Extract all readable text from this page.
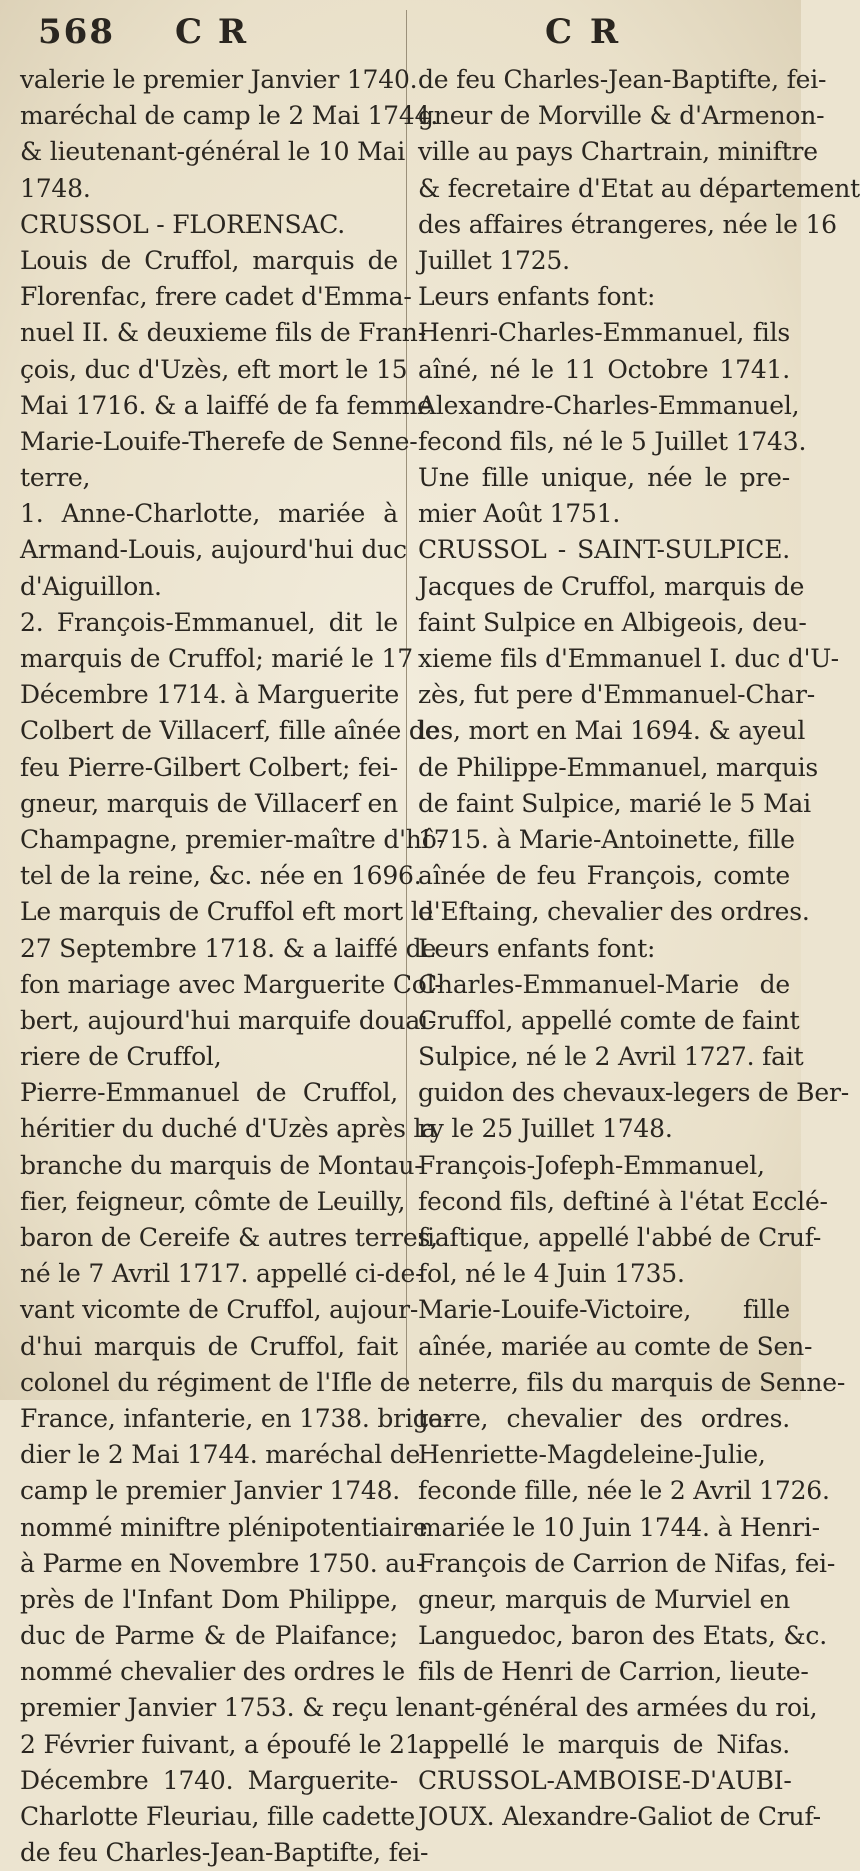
568 C R	C R
valerie le premier Janvier 1740.
maréchal de camp le 2 Mai 1744.
& lieutenant-général le 10 Mai
1748.
CRUSSOL - FLORENSAC.
Louis de Cruffol, marquis de
Florenfac, frere cadet d'Emma-
nuel II. & deuxieme fils de Fran-
çois, duc d'Uzès, eft mort le 15
Mai 1716. & a laiffé de fa femme
Marie-Louife-Therefe de Senne-
terre,
1. Anne-Charlotte, mariée à
Armand-Louis, aujourd'hui duc
d'Aiguillon.
2. François-Emmanuel, dit le
marquis de Cruffol; marié le 17
Décembre 1714. à Marguerite
Colbert de Villacerf, fille aînée de
feu Pierre-Gilbert Colbert; fei-
gneur, marquis de Villacerf en
Champagne, premier-maître d'hô-
tel de la reine, &c. née en 1696.
Le marquis de Cruffol eft mort le
27 Septembre 1718. & a laiffé de
fon mariage avec Marguerite Col-
bert, aujourd'hui marquife douai-
riere de Cruffol,
Pierre-Emmanuel de Cruffol,
héritier du duché d'Uzès après la
branche du marquis de Montau-
fier, feigneur, cômte de Leuilly,
baron de Cereife & autres terres,
né le 7 Avril 1717. appellé ci-de-
vant vicomte de Cruffol, aujour-
d'hui marquis de Cruffol, fait
colonel du régiment de l'Ifle de
France, infanterie, en 1738. briga-
dier le 2 Mai 1744. maréchal de
camp le premier Janvier 1748.
nommé miniftre plénipotentiaire
à Parme en Novembre 1750. au-
près de l'Infant Dom Philippe,
duc de Parme & de Plaifance;
nommé chevalier des ordres le
premier Janvier 1753. & reçu le
2 Février fuivant, a époufé le 21
Décembre 1740. Marguerite-
Charlotte Fleuriau, fille cadette
de feu Charles-Jean-Baptifte, fei-
de feu Charles-Jean-Baptifte, fei-
gneur de Morville & d'Armenon-
ville au pays Chartrain, miniftre
& fecretaire d'Etat au département
des affaires étrangeres, née le 16
Juillet 1725.
Leurs enfants font:
Henri-Charles-Emmanuel, fils
aîné, né le 11 Octobre 1741.
Alexandre-Charles-Emmanuel,
fecond fils, né le 5 Juillet 1743.
Une fille unique, née le pre-
mier Août 1751.
CRUSSOL - SAINT-SULPICE.
Jacques de Cruffol, marquis de
faint Sulpice en Albigeois, deu-
xieme fils d'Emmanuel I. duc d'U-
zès, fut pere d'Emmanuel-Char-
les, mort en Mai 1694. & ayeul
de Philippe-Emmanuel, marquis
de faint Sulpice, marié le 5 Mai
1715. à Marie-Antoinette, fille
aînée de feu François, comte
d'Eftaing, chevalier des ordres.
Leurs enfants font:
Charles-Emmanuel-Marie de
Cruffol, appellé comte de faint
Sulpice, né le 2 Avril 1727. fait
guidon des chevaux-legers de Ber-
ry le 25 Juillet 1748.
François-Jofeph-Emmanuel,
fecond fils, deftiné à l'état Ecclé-
fiaftique, appellé l'abbé de Cruf-
fol, né le 4 Juin 1735.
Marie-Louife-Victoire, fille
aînée, mariée au comte de Sen-
neterre, fils du marquis de Senne-
terre, chevalier des ordres.
Henriette-Magdeleine-Julie,
feconde fille, née le 2 Avril 1726.
mariée le 10 Juin 1744. à Henri-
François de Carrion de Nifas, fei-
gneur, marquis de Murviel en
Languedoc, baron des Etats, &c.
fils de Henri de Carrion, lieute-
nant-général des armées du roi,
appellé le marquis de Nifas.
CRUSSOL-AMBOISE-D'AUBI-
JOUX. Alexandre-Galiot de Cruf-
